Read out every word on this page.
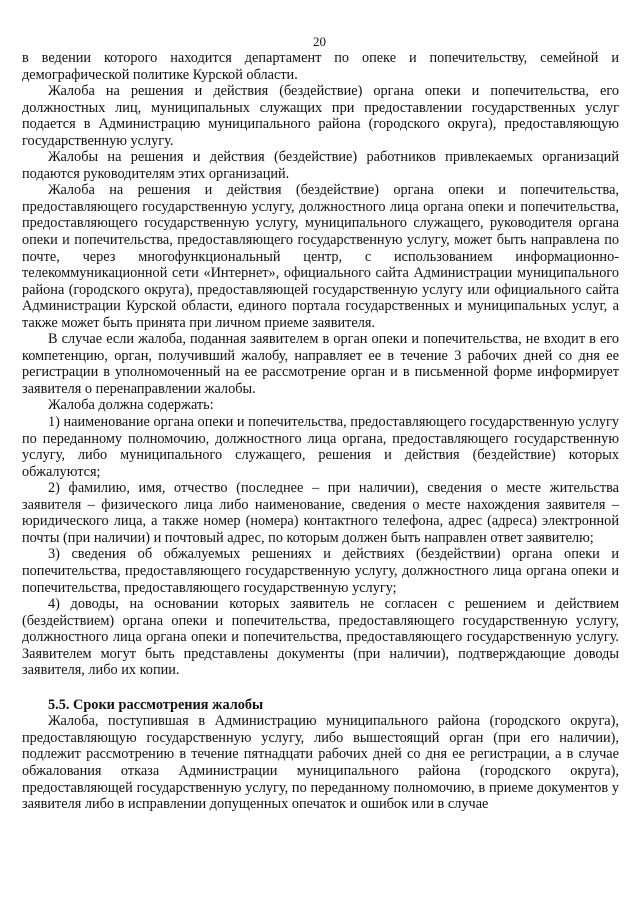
20

в ведении которого находится департамент по опеке и попечительству, семейной и демографической политике Курской области.

Жалоба на решения и действия (бездействие) органа опеки и попечительства, его должностных лиц, муниципальных служащих при предоставлении государственных услуг подается в Администрацию муниципального района (городского округа), предоставляющую государственную услугу.

Жалобы на решения и действия (бездействие) работников привлекаемых организаций подаются руководителям этих организаций.

Жалоба на решения и действия (бездействие) органа опеки и попечительства, предоставляющего государственную услугу, должностного лица органа опеки и попечительства, предоставляющего государственную услугу, муниципального служащего, руководителя органа опеки и попечительства, предоставляющего государственную услугу, может быть направлена по почте, через многофункциональный центр, с использованием информационно-телекоммуникационной сети «Интернет», официального сайта Администрации муниципального района (городского округа), предоставляющей государственную услугу или официального сайта Администрации Курской области, единого портала государственных и муниципальных услуг, а также может быть принята при личном приеме заявителя.

В случае если жалоба, поданная заявителем в орган опеки и попечительства, не входит в его компетенцию, орган, получивший жалобу, направляет ее в течение 3 рабочих дней со дня ее регистрации в уполномоченный на ее рассмотрение орган и в письменной форме информирует заявителя о перенаправлении жалобы.

Жалоба должна содержать:

1) наименование органа опеки и попечительства, предоставляющего государственную услугу по переданному полномочию, должностного лица органа, предоставляющего государственную услугу, либо муниципального служащего, решения и действия (бездействие) которых обжалуются;

2) фамилию, имя, отчество (последнее – при наличии), сведения о месте жительства заявителя – физического лица либо наименование, сведения о месте нахождения заявителя – юридического лица, а также номер (номера) контактного телефона, адрес (адреса) электронной почты (при наличии) и почтовый адрес, по которым должен быть направлен ответ заявителю;

3) сведения об обжалуемых решениях и действиях (бездействии) органа опеки и попечительства, предоставляющего государственную услугу, должностного лица органа опеки и попечительства, предоставляющего государственную услугу;

4) доводы, на основании которых заявитель не согласен с решением и действием (бездействием) органа опеки и попечительства, предоставляющего государственную услугу, должностного лица органа опеки и попечительства, предоставляющего государственную услугу. Заявителем могут быть представлены документы (при наличии), подтверждающие доводы заявителя, либо их копии.

5.5. Сроки рассмотрения жалобы

Жалоба, поступившая в Администрацию муниципального района (городского округа), предоставляющую государственную услугу, либо вышестоящий орган (при его наличии), подлежит рассмотрению в течение пятнадцати рабочих дней со дня ее регистрации, а в случае обжалования отказа Администрации муниципального района (городского округа), предоставляющей государственную услугу, по переданному полномочию, в приеме документов у заявителя либо в исправлении допущенных опечаток и ошибок или в случае
